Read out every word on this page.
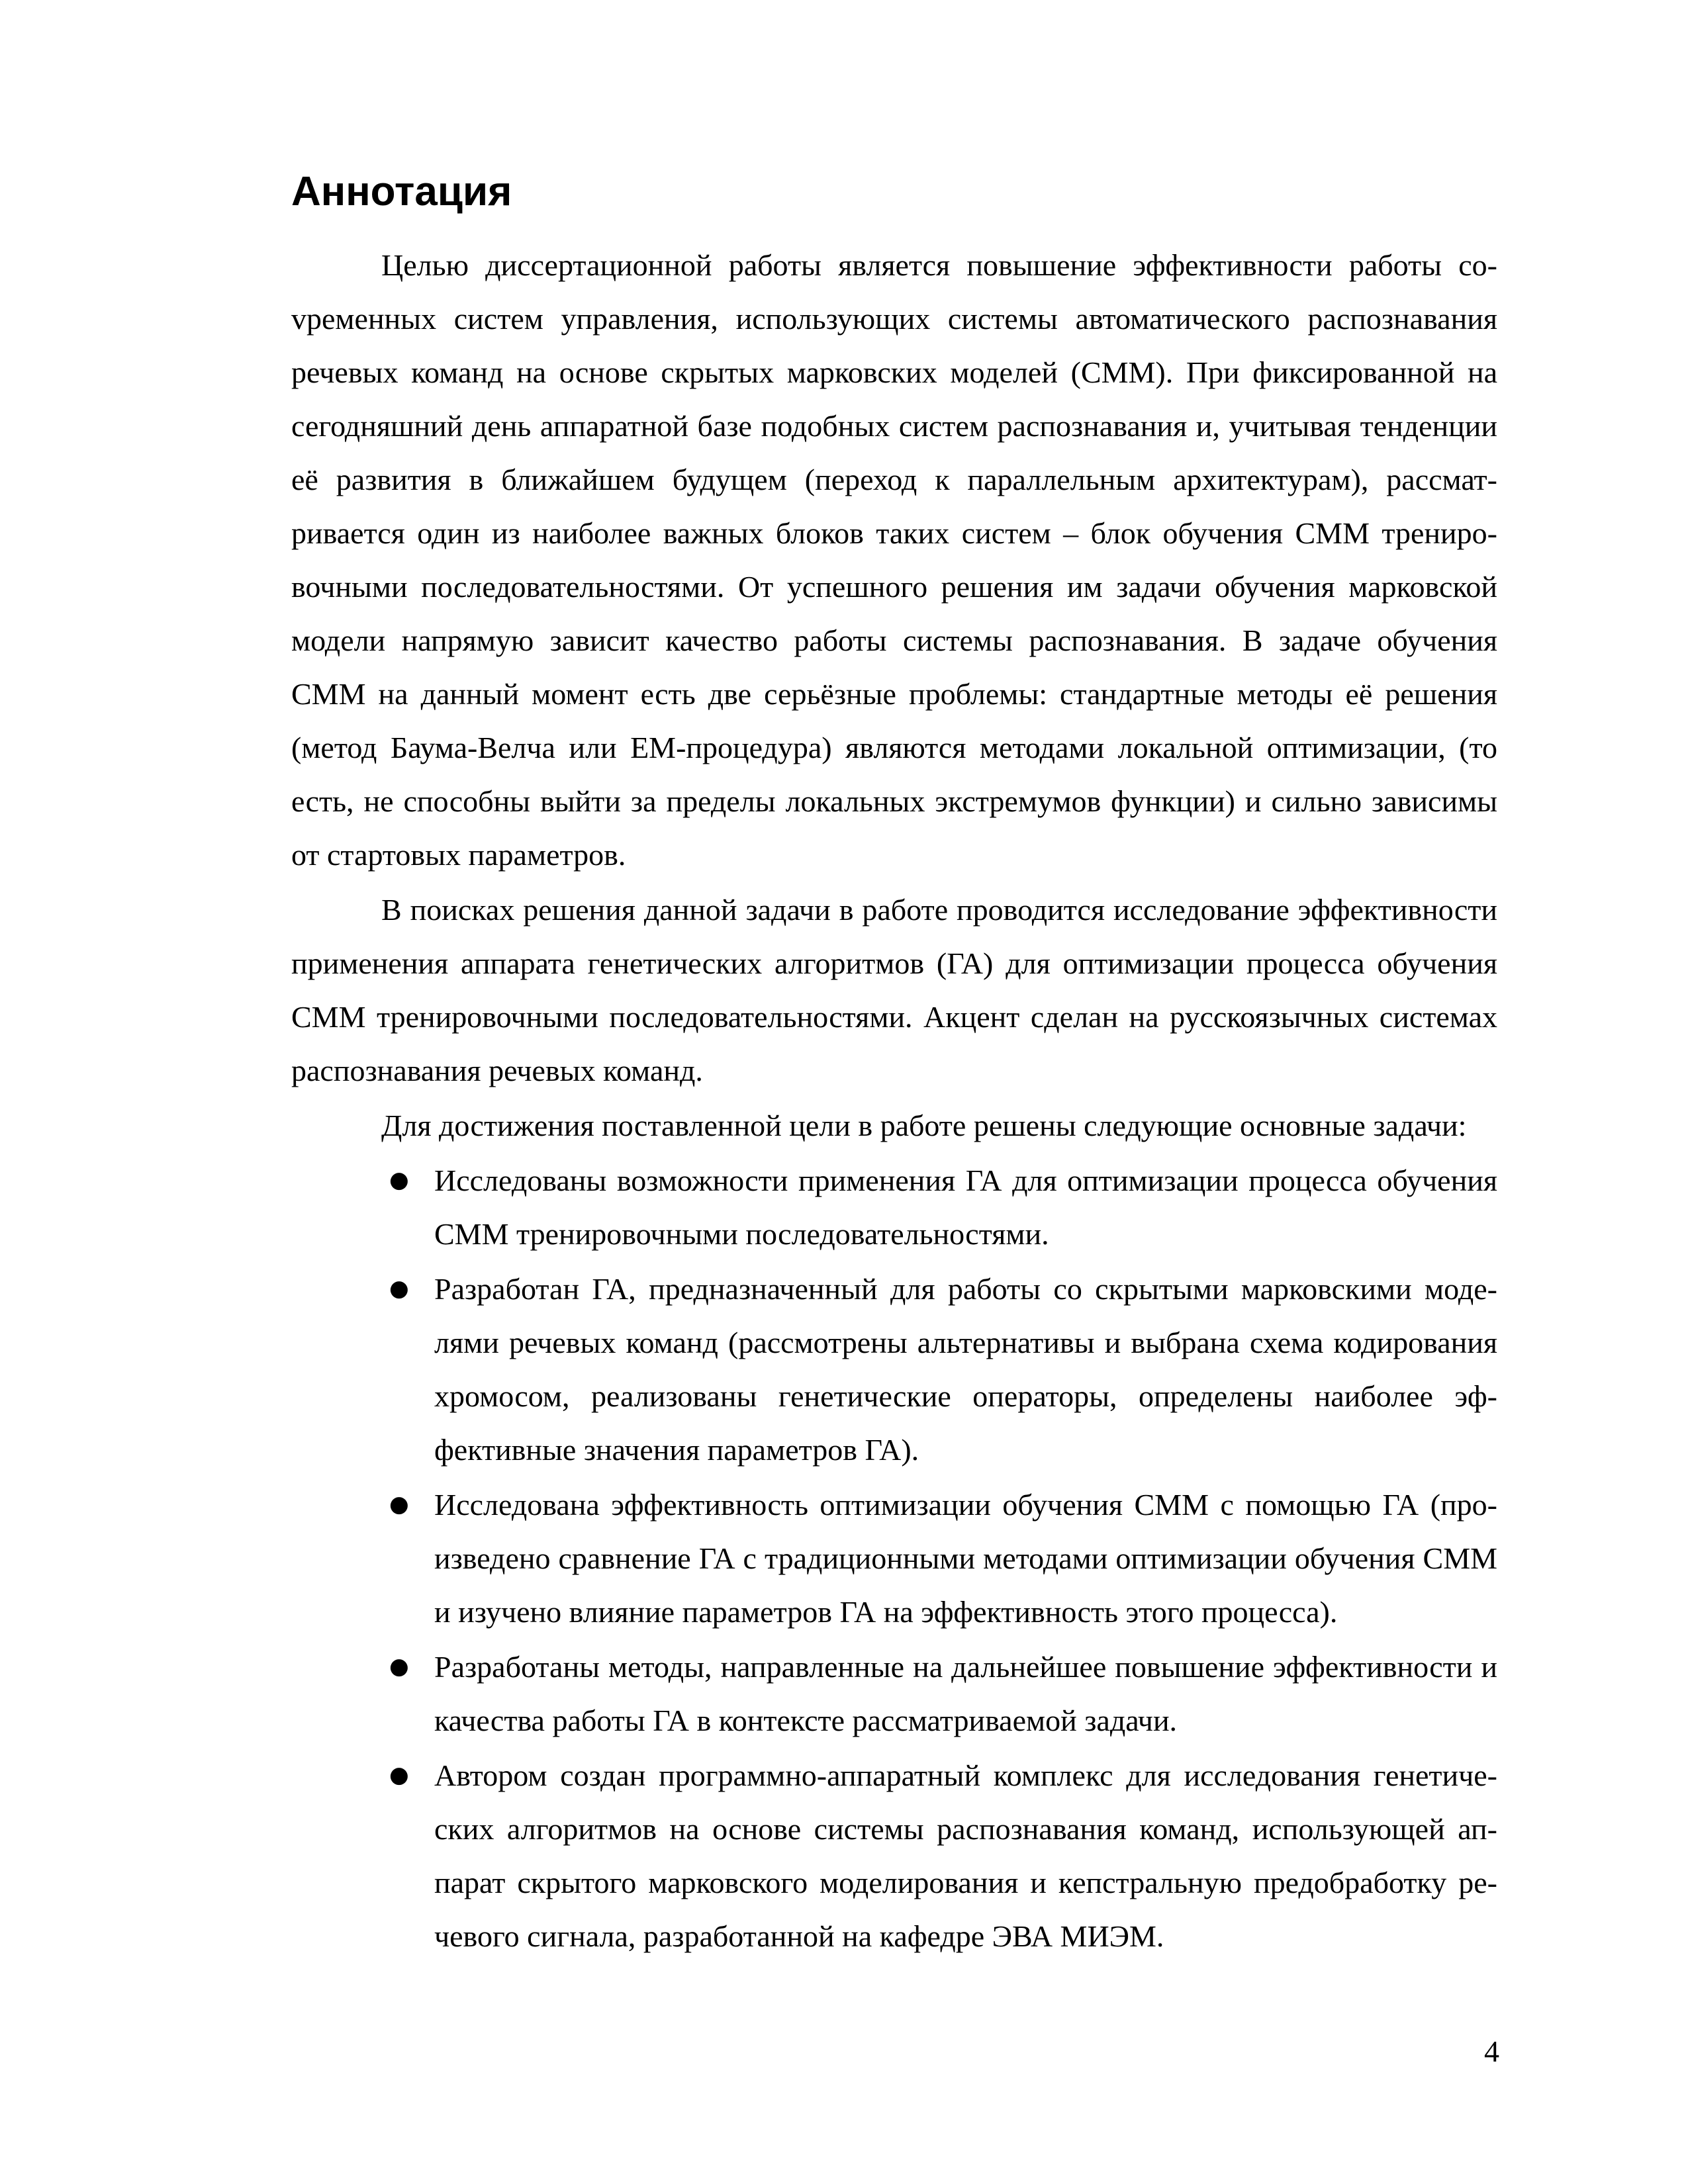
Аннотация

Целью диссертационной работы является повышение эффективности работы соvременных систем управления, использующих системы автоматического распознавания речевых команд на основе скрытых марковских моделей (СММ). При фиксированной на сегодняшний день аппаратной базе подобных систем распознавания и, учитывая тенденции её развития в ближайшем будущем (переход к параллельным архитектурам), рассматривается один из наиболее важных блоков таких систем – блок обучения СММ тренировочными последовательностями. От успешного решения им задачи обучения марковской модели напрямую зависит качество работы системы распознавания. В задаче обучения СММ на данный момент есть две серьёзные проблемы: стандартные методы её решения (метод Баума-Велча или ЕМ-процедура) являются методами локальной оптимизации, (то есть, не способны выйти за пределы локальных экстремумов функции) и сильно зависимы от стартовых параметров.

В поисках решения данной задачи в работе проводится исследование эффективности применения аппарата генетических алгоритмов (ГА) для оптимизации процесса обучения СММ тренировочными последовательностями. Акцент сделан на русскоязычных системах распознавания речевых команд.

Для достижения поставленной цели в работе решены следующие основные задачи:

● Исследованы возможности применения ГА для оптимизации процесса обучения СММ тренировочными последовательностями.
● Разработан ГА, предназначенный для работы со скрытыми марковскими моделями речевых команд (рассмотрены альтернативы и выбрана схема кодирования хромосом, реализованы генетические операторы, определены наиболее эффективные значения параметров ГА).
● Исследована эффективность оптимизации обучения СММ с помощью ГА (произведено сравнение ГА с традиционными методами оптимизации обучения СММ и изучено влияние параметров ГА на эффективность этого процесса).
● Разработаны методы, направленные на дальнейшее повышение эффективности и качества работы ГА в контексте рассматриваемой задачи.
● Автором создан программно-аппаратный комплекс для исследования генетических алгоритмов на основе системы распознавания команд, использующей аппарат скрытого марковского моделирования и кепстральную предобработку речевого сигнала, разработанной на кафедре ЭВА МИЭМ.
4
